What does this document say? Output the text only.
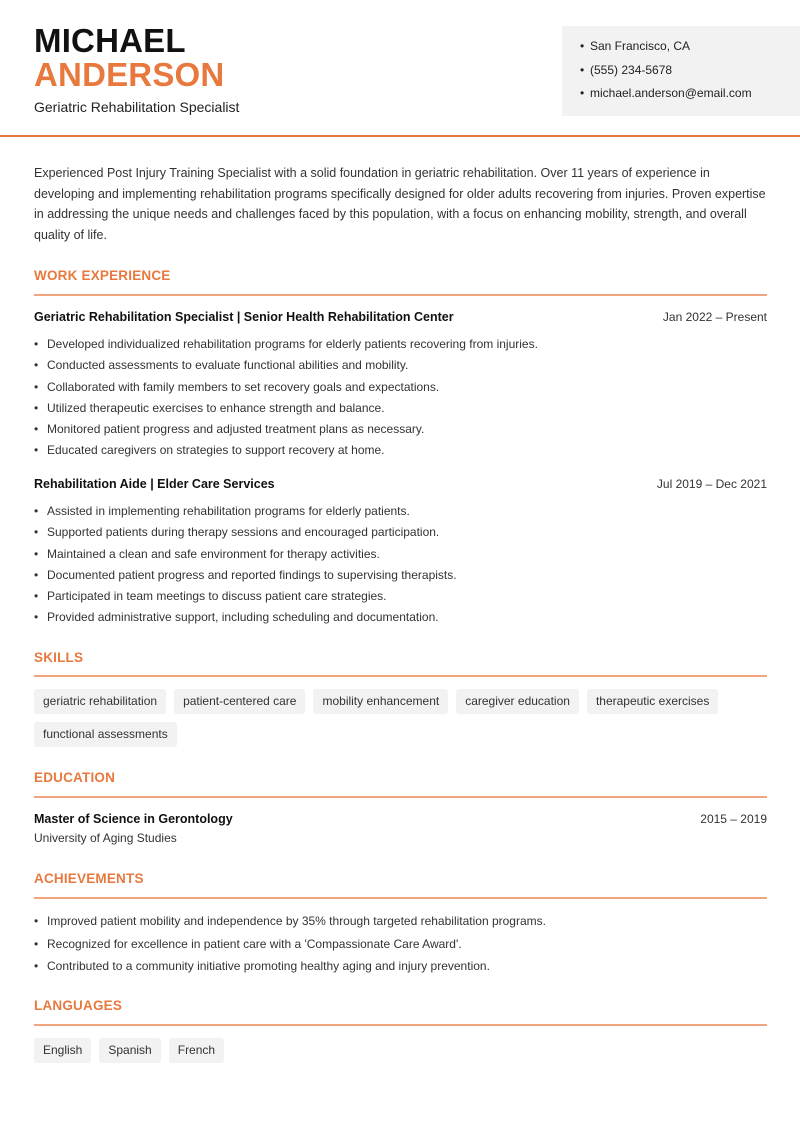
MICHAEL
ANDERSON
Geriatric Rehabilitation Specialist
• San Francisco, CA
• (555) 234-5678
• michael.anderson@email.com

Experienced Post Injury Training Specialist with a solid foundation in geriatric rehabilitation. Over 11 years of experience in developing and implementing rehabilitation programs specifically designed for older adults recovering from injuries. Proven expertise in addressing the unique needs and challenges faced by this population, with a focus on enhancing mobility, strength, and overall quality of life.

WORK EXPERIENCE
Geriatric Rehabilitation Specialist | Senior Health Rehabilitation Center	Jan 2022 – Present
• Developed individualized rehabilitation programs for elderly patients recovering from injuries.
• Conducted assessments to evaluate functional abilities and mobility.
• Collaborated with family members to set recovery goals and expectations.
• Utilized therapeutic exercises to enhance strength and balance.
• Monitored patient progress and adjusted treatment plans as necessary.
• Educated caregivers on strategies to support recovery at home.
Rehabilitation Aide | Elder Care Services	Jul 2019 – Dec 2021
• Assisted in implementing rehabilitation programs for elderly patients.
• Supported patients during therapy sessions and encouraged participation.
• Maintained a clean and safe environment for therapy activities.
• Documented patient progress and reported findings to supervising therapists.
• Participated in team meetings to discuss patient care strategies.
• Provided administrative support, including scheduling and documentation.
SKILLS
geriatric rehabilitation	patient-centered care	mobility enhancement	caregiver education	therapeutic exercises
functional assessments
EDUCATION
Master of Science in Gerontology	2015 – 2019
University of Aging Studies
ACHIEVEMENTS
• Improved patient mobility and independence by 35% through targeted rehabilitation programs.
• Recognized for excellence in patient care with a 'Compassionate Care Award'.
• Contributed to a community initiative promoting healthy aging and injury prevention.
LANGUAGES
English	Spanish	French
